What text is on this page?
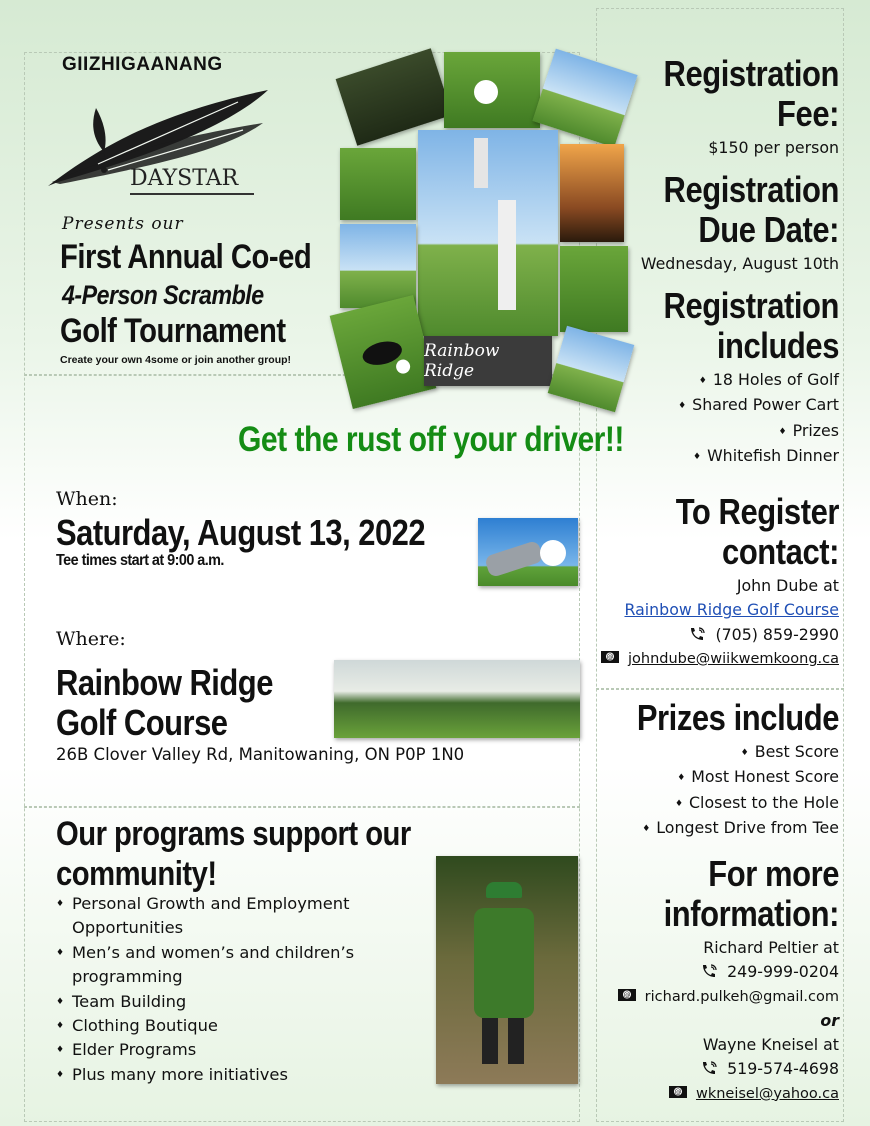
GIIZHIGAANANG
DAYSTAR
Presents our
First Annual Co-ed
4-Person Scramble
Golf Tournament
Create your own 4some or join another group!	Rainbow Ridge
Get the rust off your driver!!
When:
Saturday, August 13, 2022
Tee times start at 9:00 a.m.
Where:
Rainbow Ridge
Golf Course
26B Clover Valley Rd, Manitowaning, ON P0P 1N0
Our programs support our community!
♦ Personal Growth and Employment Opportunities
♦ Men’s and women’s and children’s programming
♦ Team Building
♦ Clothing Boutique
♦ Elder Programs
♦ Plus many more initiatives
Registration
Fee:
$150 per person
Registration
Due Date:
Wednesday, August 10th
Registration
includes
♦ 18 Holes of Golf
♦ Shared Power Cart
♦ Prizes
♦ Whitefish Dinner
To Register
contact:
John Dube at
Rainbow Ridge Golf Course
(705) 859-2990
@ johndube@wiikwemkoong.ca
Prizes include
♦ Best Score
♦ Most Honest Score
♦ Closest to the Hole
♦ Longest Drive from Tee
For more
information:
Richard Peltier at
249-999-0204
@ richard.pulkeh@gmail.com
or
Wayne Kneisel at
519-574-4698
@ wkneisel@yahoo.ca
